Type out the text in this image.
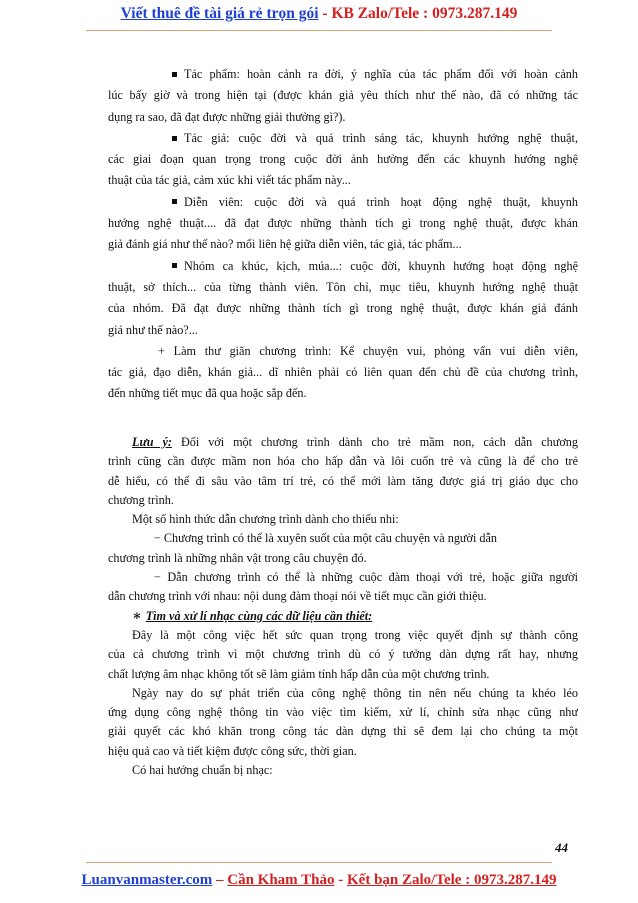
Viết thuê đề tài giá rẻ trọn gói - KB Zalo/Tele : 0973.287.149
Tác phẩm: hoàn cảnh ra đời, ý nghĩa của tác phẩm đối với hoàn cảnh
lúc bấy giờ và trong hiện tại (được khán giả yêu thích như thế nào, đã có những tác
dụng ra sao, đã đạt được những giải thưởng gì?).
Tác giả: cuộc đời và quá trình sáng tác, khuynh hướng nghệ thuật,
các giai đoạn quan trọng trong cuộc đời ảnh hưởng đến các khuynh hướng nghệ
thuật của tác giả, cảm xúc khi viết tác phẩm này...
Diễn viên: cuộc đời và quá trình hoạt động nghệ thuật, khuynh
hướng nghệ thuật.... đã đạt được những thành tích gì trong nghệ thuật, được khán
giả đánh giá như thế nào? mối liên hệ giữa diễn viên, tác giả, tác phẩm...
Nhóm ca khúc, kịch, múa...: cuộc đời, khuynh hướng hoạt động nghệ
thuật, sở thích... của từng thành viên. Tôn chỉ, mục tiêu, khuynh hướng nghệ thuật
của nhóm. Đã đạt được những thành tích gì trong nghệ thuật, được khán giả đánh
giá như thế nào?...
+ Làm thư giãn chương trình: Kể chuyện vui, phỏng vấn vui diễn viên,
tác giả, đạo diễn, khán giả... dĩ nhiên phải có liên quan đến chủ đề của chương trình,
đến những tiết mục đã qua hoặc sắp đến.
Lưu ý: Đối với một chương trình dành cho trẻ mầm non, cách dẫn chương
trình cũng cần được mầm non hóa cho hấp dẫn và lôi cuốn trẻ và cũng là để cho trẻ
dễ hiểu, có thể đi sâu vào tâm trí trẻ, có thể mới làm tăng được giá trị giáo dục cho
chương trình.
Một số hình thức dẫn chương trình dành cho thiếu nhi:
− Chương trình có thể là xuyên suốt của một câu chuyện và người dẫn
chương trình là những nhân vật trong câu chuyện đó.
− Dẫn chương trình có thể là những cuộc đàm thoại với trẻ, hoặc giữa người
dẫn chương trình với nhau: nội dung đàm thoại nói về tiết mục cần giới thiệu.
∗ Tìm và xử lí nhạc cùng các dữ liệu cần thiết:
Đây là một công việc hết sức quan trọng trong việc quyết định sự thành công
của cả chương trình vì một chương trình dù có ý tưởng dàn dựng rất hay, nhưng
chất lượng âm nhạc không tốt sẽ làm giảm tính hấp dẫn của một chương trình.
Ngày nay do sự phát triển của công nghệ thông tin nên nếu chúng ta khéo léo
ứng dụng công nghệ thông tin vào việc tìm kiếm, xử lí, chỉnh sửa nhạc cũng như
giải quyết các khó khăn trong công tác dàn dựng thì sẽ đem lại cho chúng ta một
hiệu quả cao và tiết kiệm được công sức, thời gian.
Có hai hướng chuẩn bị nhạc:
44
Luanvanmaster.com – Cần Kham Thảo - Kết bạn Zalo/Tele : 0973.287.149
